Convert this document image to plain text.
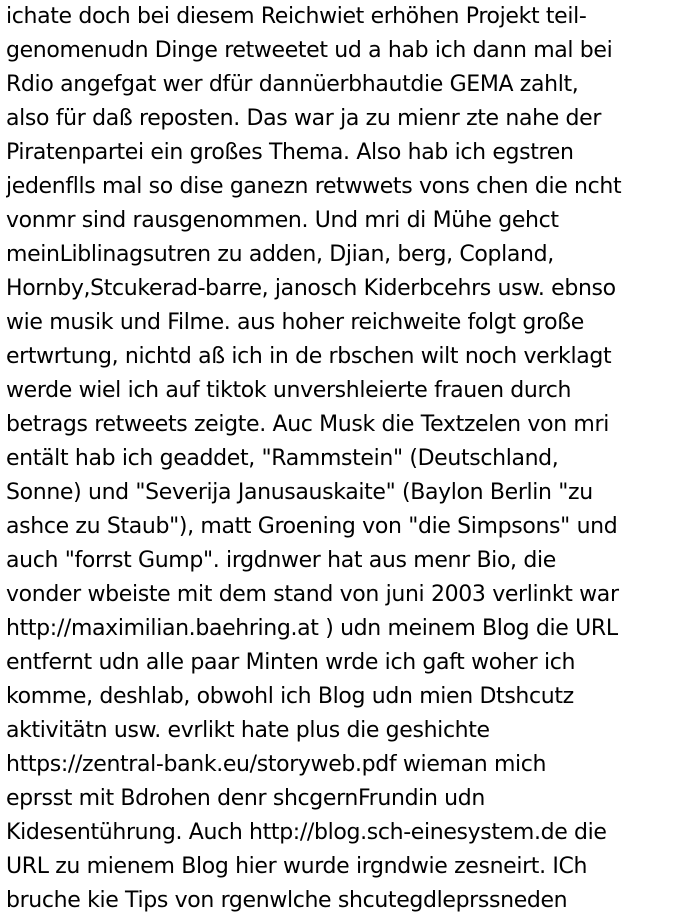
ichate doch bei diesem Reichwiet erhöhen Projekt teil-
genomenudn Dinge retweetet ud a hab ich dann mal bei
Rdio angefgat wer dfür dannüerbhautdie GEMA zahlt,
also für daß reposten. Das war ja zu mienr zte nahe der
Piratenpartei ein großes Thema. Also hab ich egstren
jedenflls mal so dise ganezn retwwets vons chen die ncht
vonmr sind rausgenommen. Und mri di Mühe gehct
meinLiblinagsutren zu adden, Djian, berg, Copland,
Hornby,Stcukerad-barre, janosch Kiderbcehrs usw. ebnso
wie musik und Filme. aus hoher reichweite folgt große
ertwrtung, nichtd aß ich in de rbschen wilt noch verklagt
werde wiel ich auf tiktok unvershleierte frauen durch
betrags retweets zeigte. Auc Musk die Textzelen von mri
entält hab ich geaddet, "Rammstein" (Deutschland,
Sonne) und "Severija Janusauskaite" (Baylon Berlin "zu
ashce zu Staub"), matt Groening von "die Simpsons" und
auch "forrst Gump". irgdnwer hat aus menr Bio, die
vonder wbeiste mit dem stand von juni 2003 verlinkt war
http://maximilian.baehring.at ) udn meinem Blog die URL
entfernt udn alle paar Minten wrde ich gaft woher ich
komme, deshlab, obwohl ich Blog udn mien Dtshcutz
aktivitätn usw. evrlikt hate plus die geshichte
https://zentral-bank.eu/storyweb.pdf wieman mich
eprsst mit Bdrohen denr shcgernFrundin udn
Kidesentührung. Auch http://blog.sch-einesystem.de die
URL zu mienem Blog hier wurde irgndwie zesneirt. ICh
bruche kie Tips von rgenwlche shcutegdleprssneden
